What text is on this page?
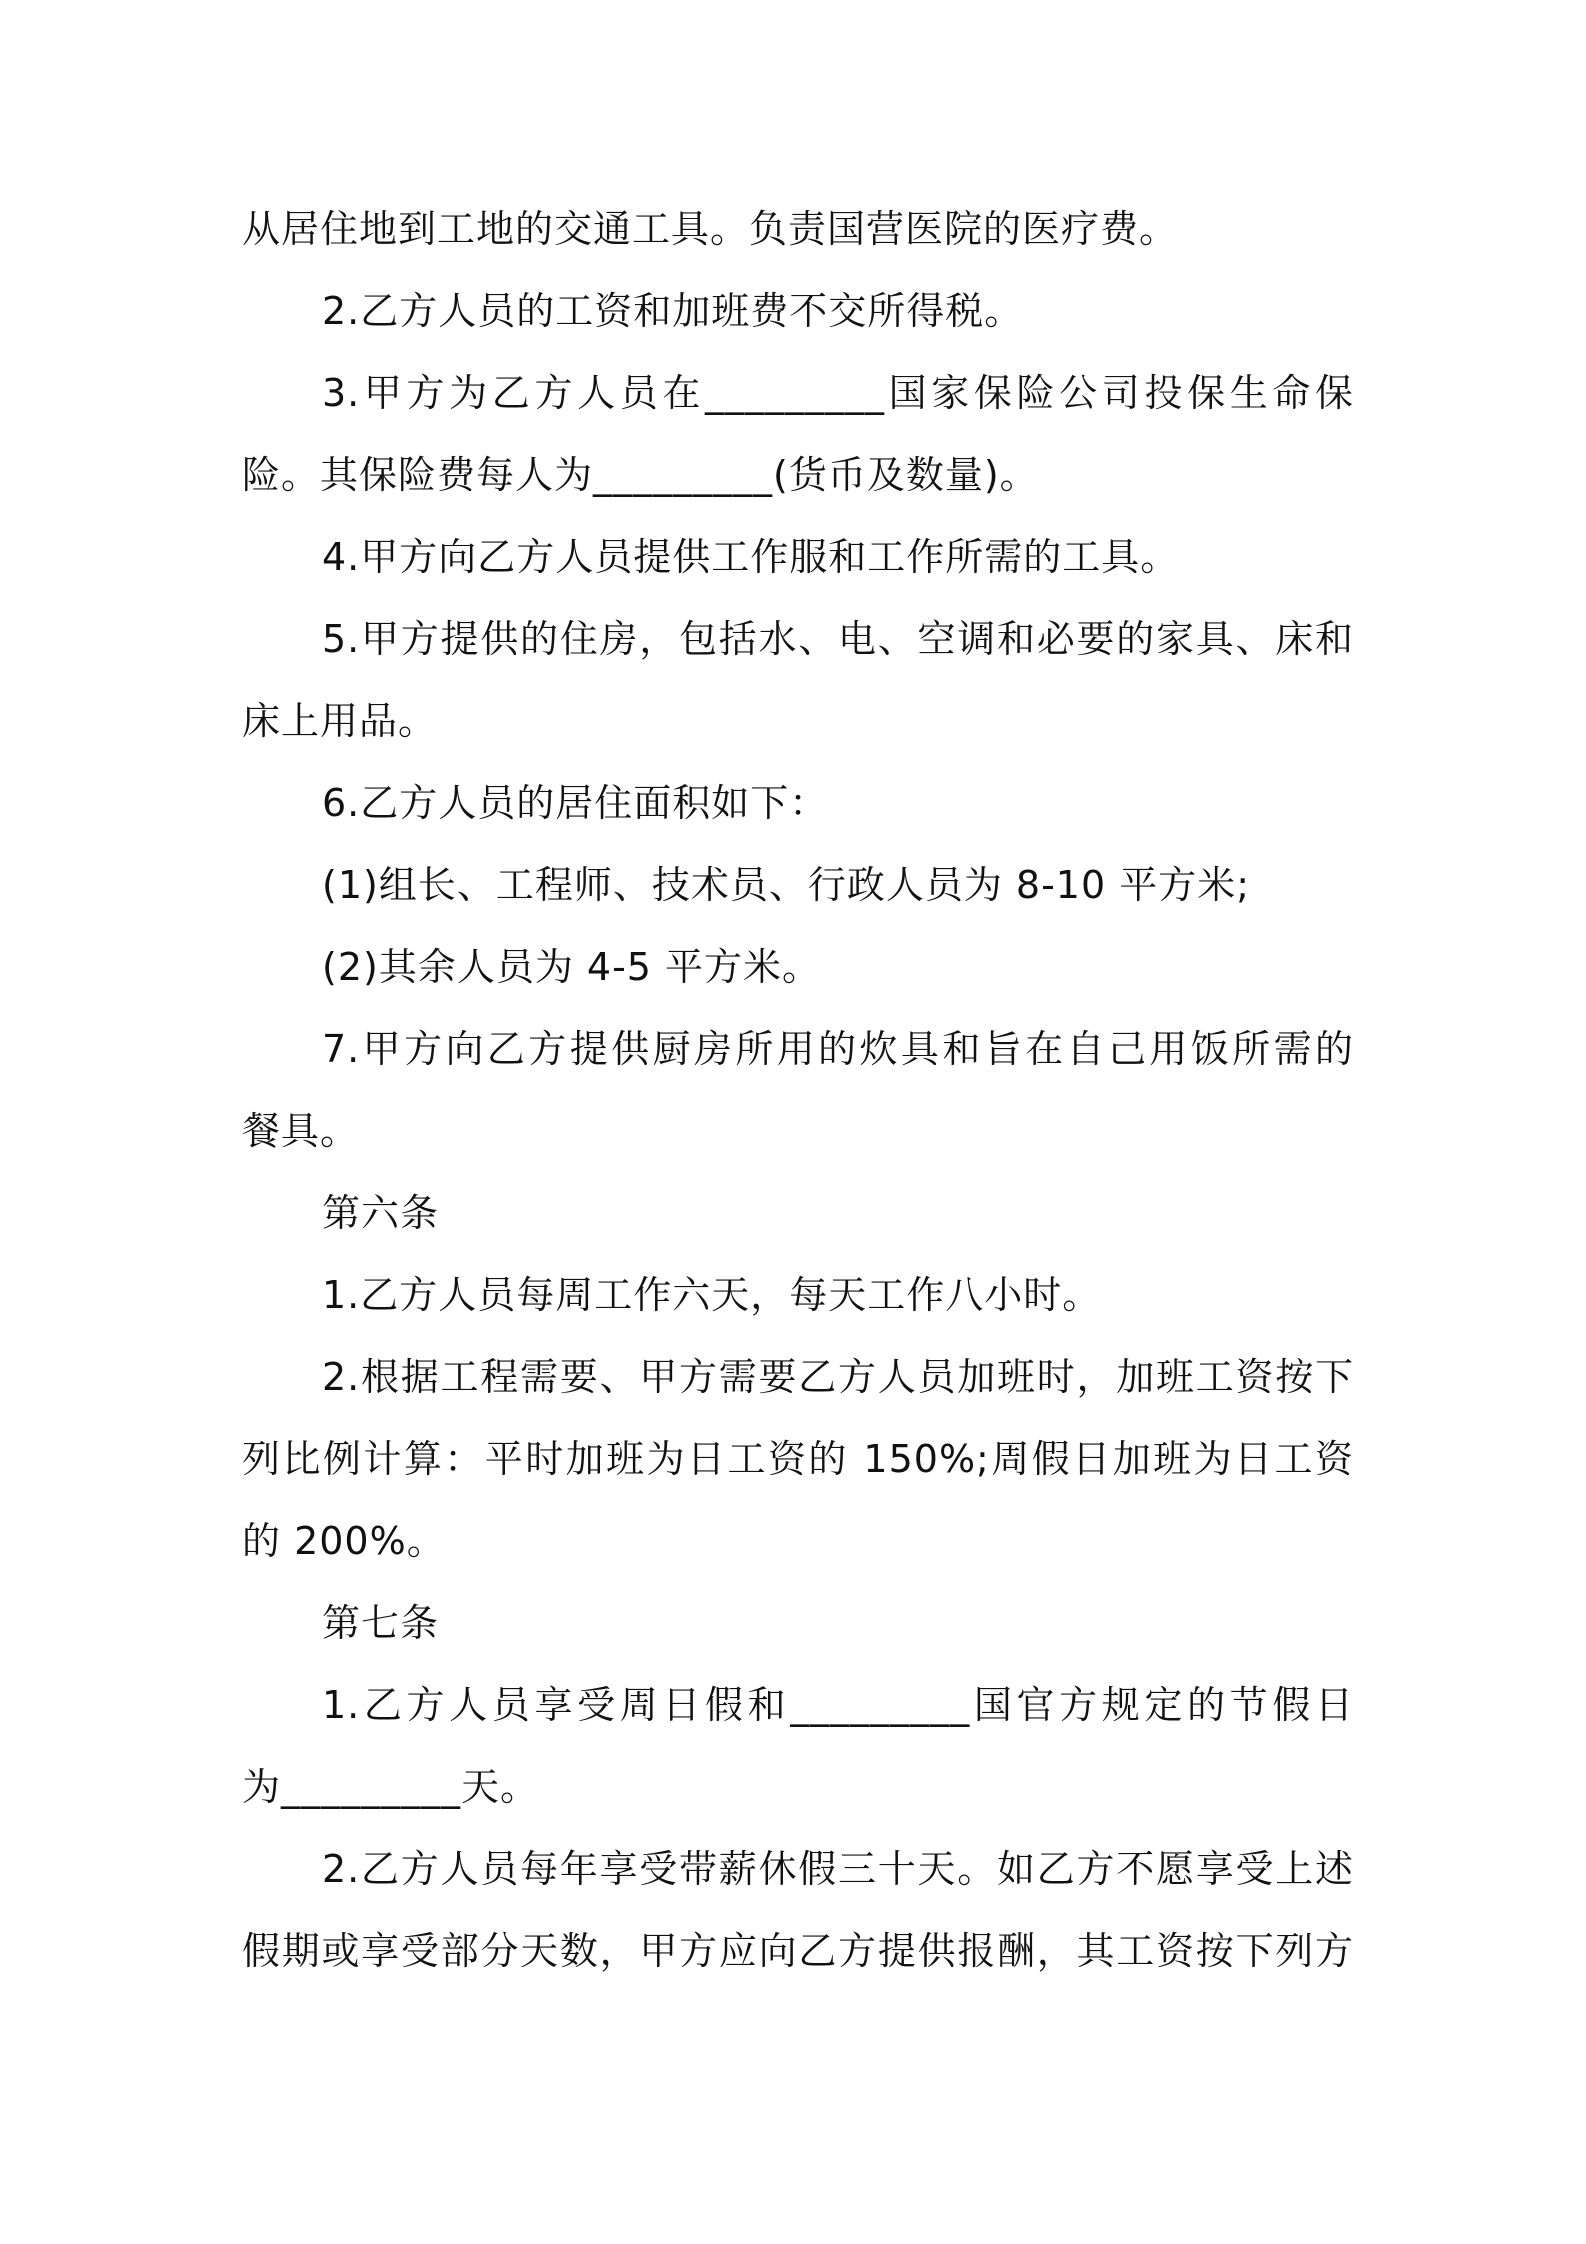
从居住地到工地的交通工具。负责国营医院的医疗费。
2.乙方人员的工资和加班费不交所得税。
3.甲方为乙方人员在_________国家保险公司投保生命保
险。其保险费每人为_________(货币及数量)。
4.甲方向乙方人员提供工作服和工作所需的工具。
5.甲方提供的住房，包括水、电、空调和必要的家具、床和
床上用品。
6.乙方人员的居住面积如下：
(1)组长、工程师、技术员、行政人员为 8-10 平方米;
(2)其余人员为 4-5 平方米。
7.甲方向乙方提供厨房所用的炊具和旨在自己用饭所需的
餐具。
第六条
1.乙方人员每周工作六天，每天工作八小时。
2.根据工程需要、甲方需要乙方人员加班时，加班工资按下
列比例计算：平时加班为日工资的 150%;周假日加班为日工资
的 200%。
第七条
1.乙方人员享受周日假和_________国官方规定的节假日
为_________天。
2.乙方人员每年享受带薪休假三十天。如乙方不愿享受上述
假期或享受部分天数，甲方应向乙方提供报酬，其工资按下列方
